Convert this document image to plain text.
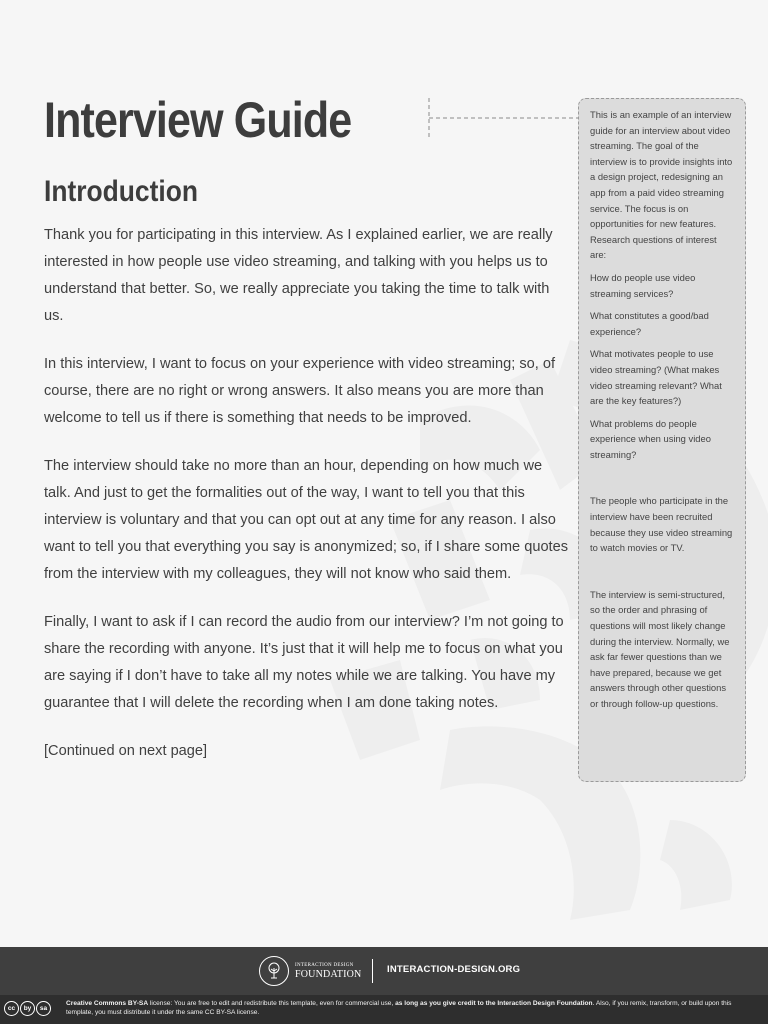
Interview Guide
Introduction

Thank you for participating in this interview. As I explained earlier, we are really interested in how people use video streaming, and talking with you helps us to understand that better. So, we really appreciate you taking the time to talk with us.

In this interview, I want to focus on your experience with video streaming; so, of course, there are no right or wrong answers. It also means you are more than welcome to tell us if there is something that needs to be improved.

The interview should take no more than an hour, depending on how much we talk. And just to get the formalities out of the way, I want to tell you that this interview is voluntary and that you can opt out at any time for any reason. I also want to tell you that everything you say is anonymized; so, if I share some quotes from the interview with my colleagues, they will not know who said them.

Finally, I want to ask if I can record the audio from our interview? I’m not going to share the recording with anyone. It’s just that it will help me to focus on what you are saying if I don’t have to take all my notes while we are talking. You have my guarantee that I will delete the recording when I am done taking notes.

[Continued on next page]

This is an example of an interview guide for an interview about video streaming. The goal of the interview is to provide insights into a design project, redesigning an app from a paid video streaming service. The focus is on opportunities for new features. Research questions of interest are:

How do people use video streaming services?

What constitutes a good/bad experience?

What motivates people to use video streaming? (What makes video streaming relevant? What are the key features?)

What problems do people experience when using video streaming?

The people who participate in the interview have been recruited because they use video streaming to watch movies or TV.

The interview is semi-structured, so the order and phrasing of questions will most likely change during the interview. Normally, we ask far fewer questions than we have prepared, because we get answers through other questions or through follow-up questions.

INTERACTION DESIGN
FOUNDATION	INTERACTION-DESIGN.ORG
cc	by	sa
Creative Commons BY-SA license: You are free to edit and redistribute this template, even for commercial use, as long as you give credit to the Interaction Design Foundation. Also, if you remix, transform, or build upon this template, you must distribute it under the same CC BY-SA license.
